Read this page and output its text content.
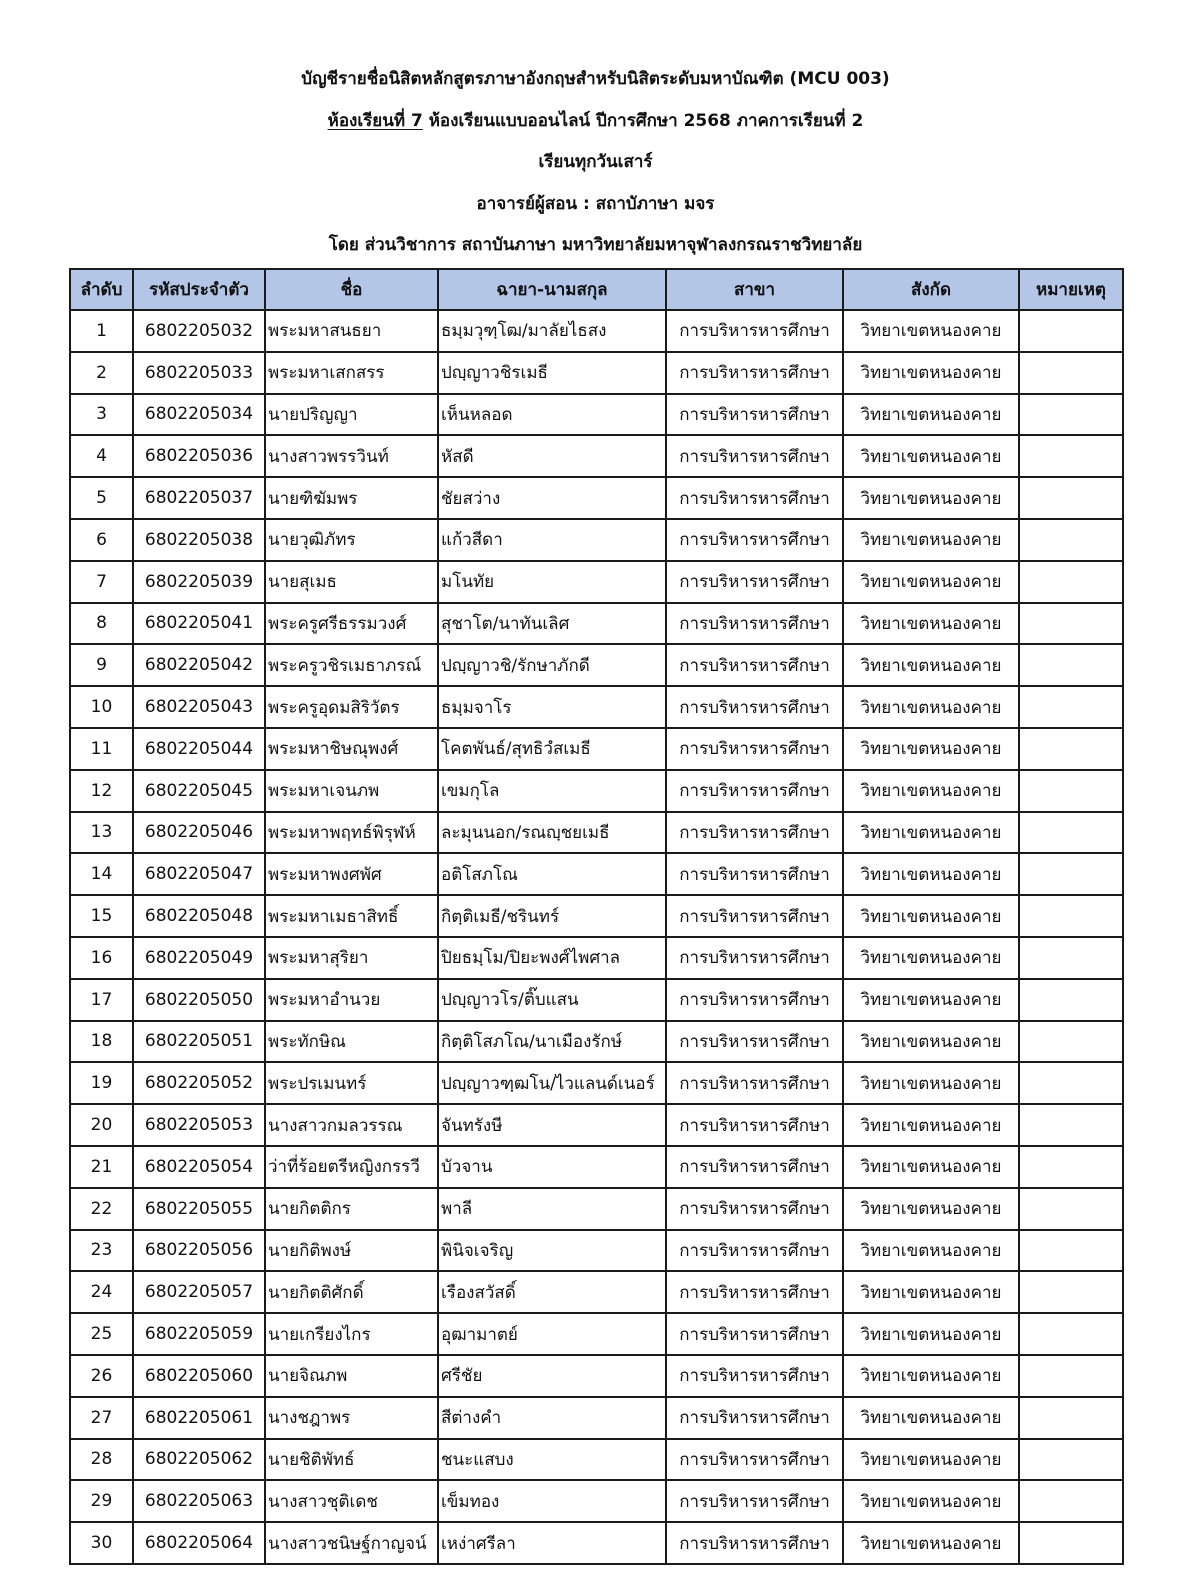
บัญชีรายชื่อนิสิตหลักสูตรภาษาอังกฤษสำหรับนิสิตระดับมหาบัณฑิต (MCU 003)
ห้องเรียนที่ 7 ห้องเรียนแบบออนไลน์ ปีการศึกษา 2568 ภาคการเรียนที่ 2
เรียนทุกวันเสาร์
อาจารย์ผู้สอน : สถาบัภาษา มจร
โดย ส่วนวิชาการ สถาบันภาษา มหาวิทยาลัยมหาจุฬาลงกรณราชวิทยาลัย
ลำดับ	รหัสประจำตัว	ชื่อ	ฉายา-นามสกุล	สาขา	สังกัด	หมายเหตุ
1	6802205032	พระมหาสนธยา	ธมฺมวุฑฺโฒ/มาลัยไธสง	การบริหารหารศึกษา	วิทยาเขตหนองคาย	
2	6802205033	พระมหาเสกสรร	ปญฺญาวชิรเมธี	การบริหารหารศึกษา	วิทยาเขตหนองคาย	
3	6802205034	นายปริญญา	เห็นหลอด	การบริหารหารศึกษา	วิทยาเขตหนองคาย	
4	6802205036	นางสาวพรรวินท์	หัสดี	การบริหารหารศึกษา	วิทยาเขตหนองคาย	
5	6802205037	นายฑิฆัมพร	ชัยสว่าง	การบริหารหารศึกษา	วิทยาเขตหนองคาย	
6	6802205038	นายวุฒิภัทร	แก้วสีดา	การบริหารหารศึกษา	วิทยาเขตหนองคาย	
7	6802205039	นายสุเมธ	มโนทัย	การบริหารหารศึกษา	วิทยาเขตหนองคาย	
8	6802205041	พระครูศรีธรรมวงศ์	สุชาโต/นาทันเลิศ	การบริหารหารศึกษา	วิทยาเขตหนองคาย	
9	6802205042	พระครูวชิรเมธาภรณ์	ปญฺญาวชิ/รักษาภักดี	การบริหารหารศึกษา	วิทยาเขตหนองคาย	
10	6802205043	พระครูอุดมสิริวัตร	ธมฺมจาโร	การบริหารหารศึกษา	วิทยาเขตหนองคาย	
11	6802205044	พระมหาชิษณุพงศ์	โคตพันธ์/สุทธิวํสเมธี	การบริหารหารศึกษา	วิทยาเขตหนองคาย	
12	6802205045	พระมหาเจนภพ	เขมกุโล	การบริหารหารศึกษา	วิทยาเขตหนองคาย	
13	6802205046	พระมหาพฤทธ์พิรุฬห์	ละมุนนอก/รณญฺชยเมธี	การบริหารหารศึกษา	วิทยาเขตหนองคาย	
14	6802205047	พระมหาพงศพัศ	อติโสภโณ	การบริหารหารศึกษา	วิทยาเขตหนองคาย	
15	6802205048	พระมหาเมธาสิทธิ์	กิตฺติเมธี/ชรินทร์	การบริหารหารศึกษา	วิทยาเขตหนองคาย	
16	6802205049	พระมหาสุริยา	ปิยธมฺโม/ปิยะพงศ์ไพศาล	การบริหารหารศึกษา	วิทยาเขตหนองคาย	
17	6802205050	พระมหาอำนวย	ปญฺญาวโร/ติ๊บแสน	การบริหารหารศึกษา	วิทยาเขตหนองคาย	
18	6802205051	พระทักษิณ	กิตฺติโสภโณ/นาเมืองรักษ์	การบริหารหารศึกษา	วิทยาเขตหนองคาย	
19	6802205052	พระปรเมนทร์	ปญฺญาวฑฺฒโน/ไวแลนด์เนอร์	การบริหารหารศึกษา	วิทยาเขตหนองคาย	
20	6802205053	นางสาวกมลวรรณ	จันทรังษี	การบริหารหารศึกษา	วิทยาเขตหนองคาย	
21	6802205054	ว่าที่ร้อยตรีหญิงกรรวี	บัวจาน	การบริหารหารศึกษา	วิทยาเขตหนองคาย	
22	6802205055	นายกิตติกร	พาลี	การบริหารหารศึกษา	วิทยาเขตหนองคาย	
23	6802205056	นายกิติพงษ์	พินิจเจริญ	การบริหารหารศึกษา	วิทยาเขตหนองคาย	
24	6802205057	นายกิตติศักดิ์	เรืองสวัสดิ์	การบริหารหารศึกษา	วิทยาเขตหนองคาย	
25	6802205059	นายเกรียงไกร	อุฒามาตย์	การบริหารหารศึกษา	วิทยาเขตหนองคาย	
26	6802205060	นายจิณภพ	ศรีชัย	การบริหารหารศึกษา	วิทยาเขตหนองคาย	
27	6802205061	นางชฎาพร	สีต่างคำ	การบริหารหารศึกษา	วิทยาเขตหนองคาย	
28	6802205062	นายชิติพัทธ์	ชนะแสบง	การบริหารหารศึกษา	วิทยาเขตหนองคาย	
29	6802205063	นางสาวชุติเดช	เข็มทอง	การบริหารหารศึกษา	วิทยาเขตหนองคาย	
30	6802205064	นางสาวชนิษฐ์กาญจน์	เหง่าศรีลา	การบริหารหารศึกษา	วิทยาเขตหนองคาย	
